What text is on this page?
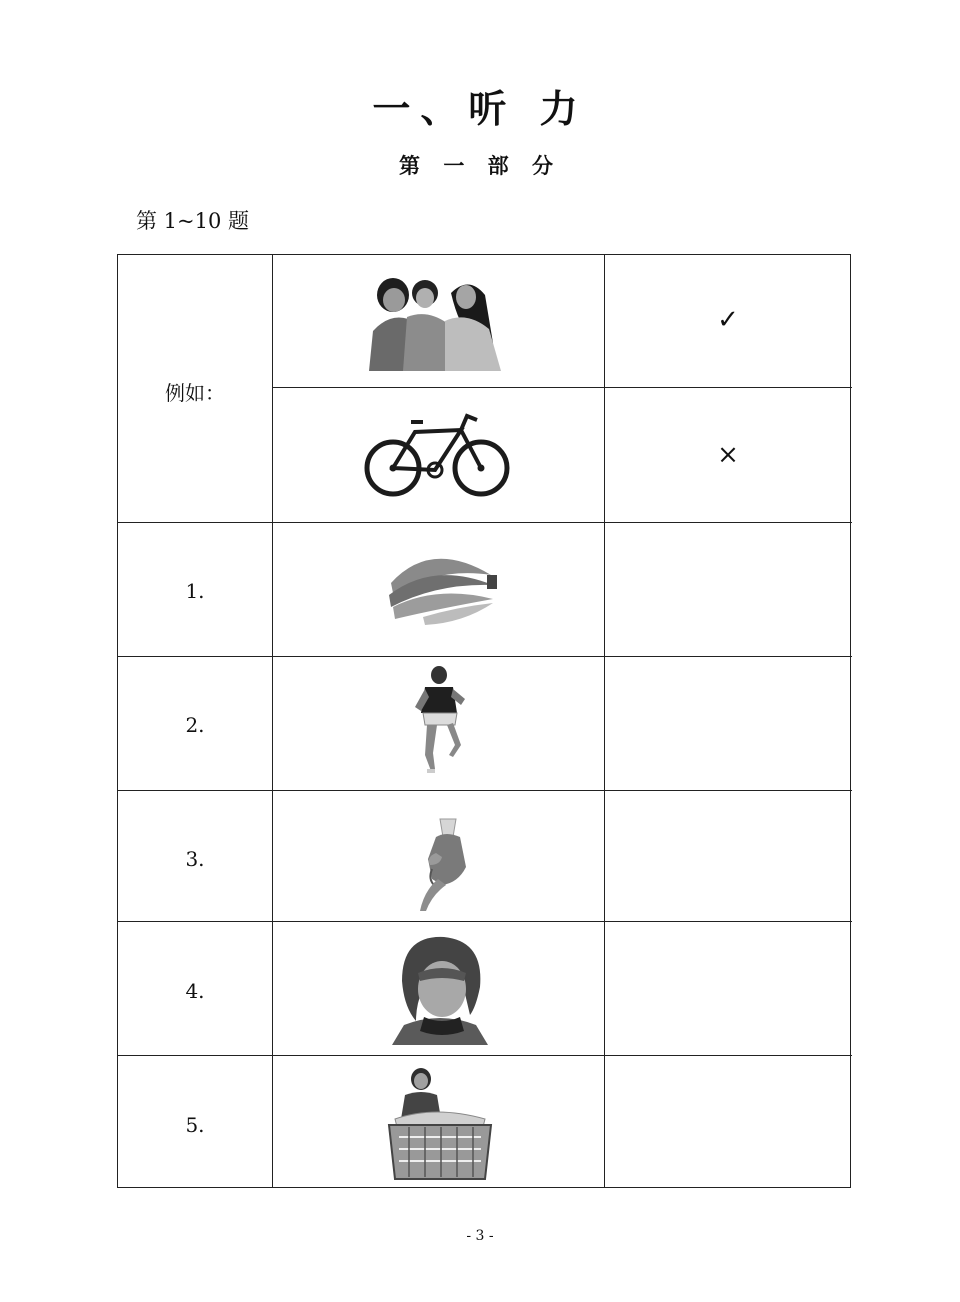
一、听 力
第 一 部 分
第 1~10 题
例如：
✓
×
1.
2.
3.
4.
5.
- 3 -
